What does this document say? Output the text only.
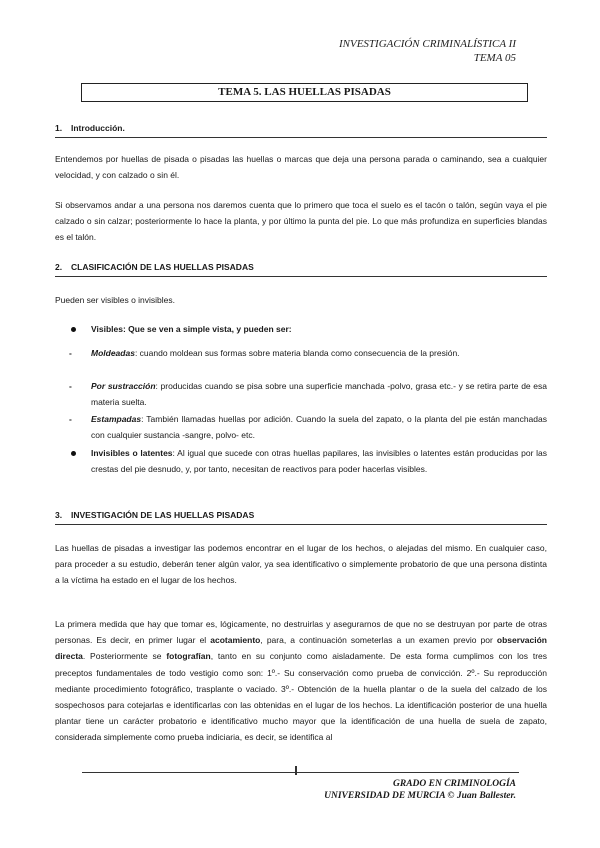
INVESTIGACIÓN CRIMINALÍSTICA II
TEMA 05
TEMA 5. LAS HUELLAS PISADAS
1. Introducción.
Entendemos por huellas de pisada o pisadas las huellas o marcas que deja una persona parada o caminando, sea a cualquier velocidad, y con calzado o sin él.
Si observamos andar a una persona nos daremos cuenta que lo primero que toca el suelo es el tacón o talón, según vaya el pie calzado o sin calzar; posteriormente lo hace la planta, y por último la punta del pie. Lo que más profundiza en superficies blandas es el talón.
2. CLASIFICACIÓN DE LAS HUELLAS PISADAS
Pueden ser visibles o invisibles.
Visibles: Que se ven a simple vista, y pueden ser:
- Moldeadas: cuando moldean sus formas sobre materia blanda como consecuencia de la presión.
- Por sustracción: producidas cuando se pisa sobre una superficie manchada -polvo, grasa etc.- y se retira parte de esa materia suelta.
- Estampadas: También llamadas huellas por adición. Cuando la suela del zapato, o la planta del pie están manchadas con cualquier sustancia -sangre, polvo- etc.
Invisibles o latentes: Al igual que sucede con otras huellas papilares, las invisibles o latentes están producidas por las crestas del pie desnudo, y, por tanto, necesitan de reactivos para poder hacerlas visibles.
3. INVESTIGACIÓN DE LAS HUELLAS PISADAS
Las huellas de pisadas a investigar las podemos encontrar en el lugar de los hechos, o alejadas del mismo. En cualquier caso, para proceder a su estudio, deberán tener algún valor, ya sea identificativo o simplemente probatorio de que una persona distinta a la víctima ha estado en el lugar de los hechos.
La primera medida que hay que tomar es, lógicamente, no destruirlas y asegurarnos de que no se destruyan por parte de otras personas. Es decir, en primer lugar el acotamiento, para, a continuación someterlas a un examen previo por observación directa. Posteriormente se fotografían, tanto en su conjunto como aisladamente. De esta forma cumplimos con los tres preceptos fundamentales de todo vestigio como son: 1º.- Su conservación como prueba de convicción. 2º.- Su reproducción mediante procedimiento fotográfico, trasplante o vaciado. 3º.- Obtención de la huella plantar o de la suela del calzado de los sospechosos para cotejarlas e identificarlas con las obtenidas en el lugar de los hechos. La identificación posterior de una huella plantar tiene un carácter probatorio e identificativo mucho mayor que la identificación de una huella de suela de zapato, considerada simplemente como prueba indiciaria, es decir, se identifica al
GRADO EN CRIMINOLOGÍA
UNIVERSIDAD DE MURCIA © Juan Ballester.
